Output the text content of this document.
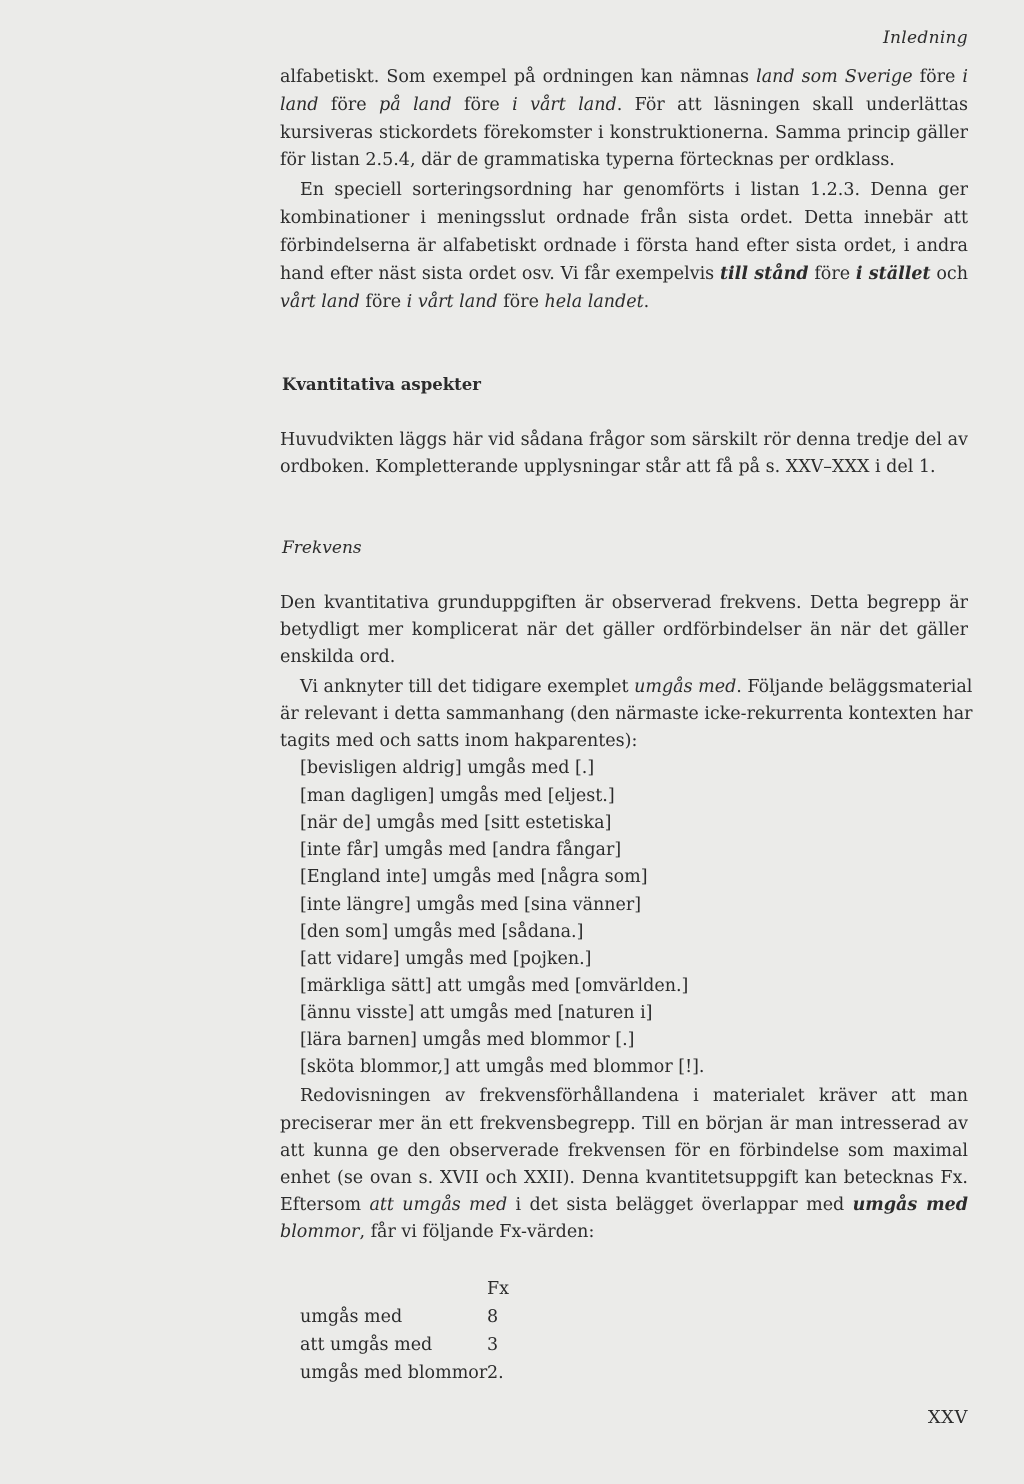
Inledning
alfabetiskt. Som exempel på ordningen kan nämnas land som Sverige före i
land före på land före i vårt land. För att läsningen skall underlättas
kursiveras stickordets förekomster i konstruktionerna. Samma princip gäller
för listan 2.5.4, där de grammatiska typerna förtecknas per ordklass.
En speciell sorteringsordning har genomförts i listan 1.2.3. Denna ger
kombinationer i meningsslut ordnade från sista ordet. Detta innebär att
förbindelserna är alfabetiskt ordnade i första hand efter sista ordet, i andra
hand efter näst sista ordet osv. Vi får exempelvis till stånd före i stället och
vårt land före i vårt land före hela landet.
Kvantitativa aspekter
Huvudvikten läggs här vid sådana frågor som särskilt rör denna tredje del av
ordboken. Kompletterande upplysningar står att få på s. XXV–XXX i del 1.
Frekvens
Den kvantitativa grunduppgiften är observerad frekvens. Detta begrepp är
betydligt mer komplicerat när det gäller ordförbindelser än när det gäller
enskilda ord.
Vi anknyter till det tidigare exemplet umgås med. Följande beläggsmaterial
är relevant i detta sammanhang (den närmaste icke-rekurrenta kontexten har
tagits med och satts inom hakparentes):
[bevisligen aldrig] umgås med [.]
[man dagligen] umgås med [eljest.]
[när de] umgås med [sitt estetiska]
[inte får] umgås med [andra fångar]
[England inte] umgås med [några som]
[inte längre] umgås med [sina vänner]
[den som] umgås med [sådana.]
[att vidare] umgås med [pojken.]
[märkliga sätt] att umgås med [omvärlden.]
[ännu visste] att umgås med [naturen i]
[lära barnen] umgås med blommor [.]
[sköta blommor,] att umgås med blommor [!].
Redovisningen av frekvensförhållandena i materialet kräver att man
preciserar mer än ett frekvensbegrepp. Till en början är man intresserad av
att kunna ge den observerade frekvensen för en förbindelse som maximal
enhet (se ovan s. XVII och XXII). Denna kvantitetsuppgift kan betecknas Fx.
Eftersom att umgås med i det sista belägget överlappar med umgås med
blommor, får vi följande Fx-värden:
Fx
umgås med	8
att umgås med	3
umgås med blommor 2.
XXV
